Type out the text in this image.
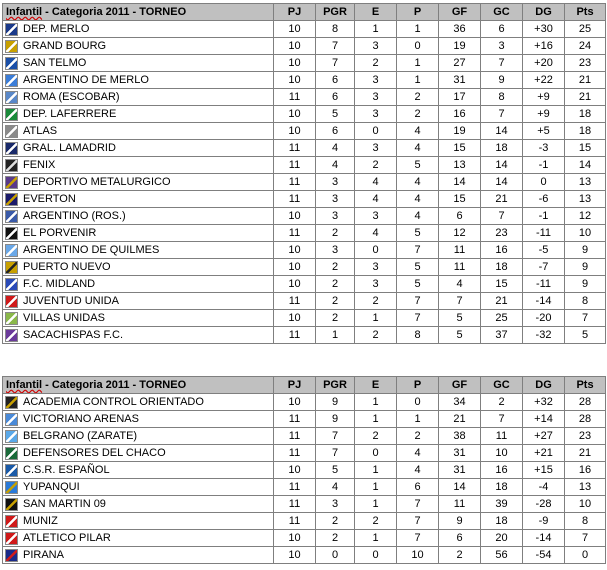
Infantil - Categoria 2011 - TORNEO	PJ	PGR	E	P	GF	GC	DG	Pts

DEP. MERLO	10	8	1	1	36	6	+30	25

GRAND BOURG	10	7	3	0	19	3	+16	24

SAN TELMO	10	7	2	1	27	7	+20	23

ARGENTINO DE MERLO	10	6	3	1	31	9	+22	21

ROMA (ESCOBAR)	11	6	3	2	17	8	+9	21

DEP. LAFERRERE	10	5	3	2	16	7	+9	18

ATLAS	10	6	0	4	19	14	+5	18

GRAL. LAMADRID	11	4	3	4	15	18	-3	15

FENIX	11	4	2	5	13	14	-1	14

DEPORTIVO METALURGICO	11	3	4	4	14	14	0	13

EVERTON	11	3	4	4	15	21	-6	13

ARGENTINO (ROS.)	10	3	3	4	6	7	-1	12

EL PORVENIR	11	2	4	5	12	23	-11	10

ARGENTINO DE QUILMES	10	3	0	7	11	16	-5	9

PUERTO NUEVO	10	2	3	5	11	18	-7	9

F.C. MIDLAND	10	2	3	5	4	15	-11	9

JUVENTUD UNIDA	11	2	2	7	7	21	-14	8

VILLAS UNIDAS	10	2	1	7	5	25	-20	7

SACACHISPAS F.C.	11	1	2	8	5	37	-32	5
Infantil - Categoria 2011 - TORNEO	PJ	PGR	E	P	GF	GC	DG	Pts

ACADEMIA CONTROL ORIENTADO	10	9	1	0	34	2	+32	28

VICTORIANO ARENAS	11	9	1	1	21	7	+14	28

BELGRANO (ZARATE)	11	7	2	2	38	11	+27	23

DEFENSORES DEL CHACO	11	7	0	4	31	10	+21	21

C.S.R. ESPAÑOL	10	5	1	4	31	16	+15	16

YUPANQUI	11	4	1	6	14	18	-4	13

SAN MARTIN 09	11	3	1	7	11	39	-28	10

MUNIZ	11	2	2	7	9	18	-9	8

ATLETICO PILAR	10	2	1	7	6	20	-14	7

PIRANA	10	0	0	10	2	56	-54	0
